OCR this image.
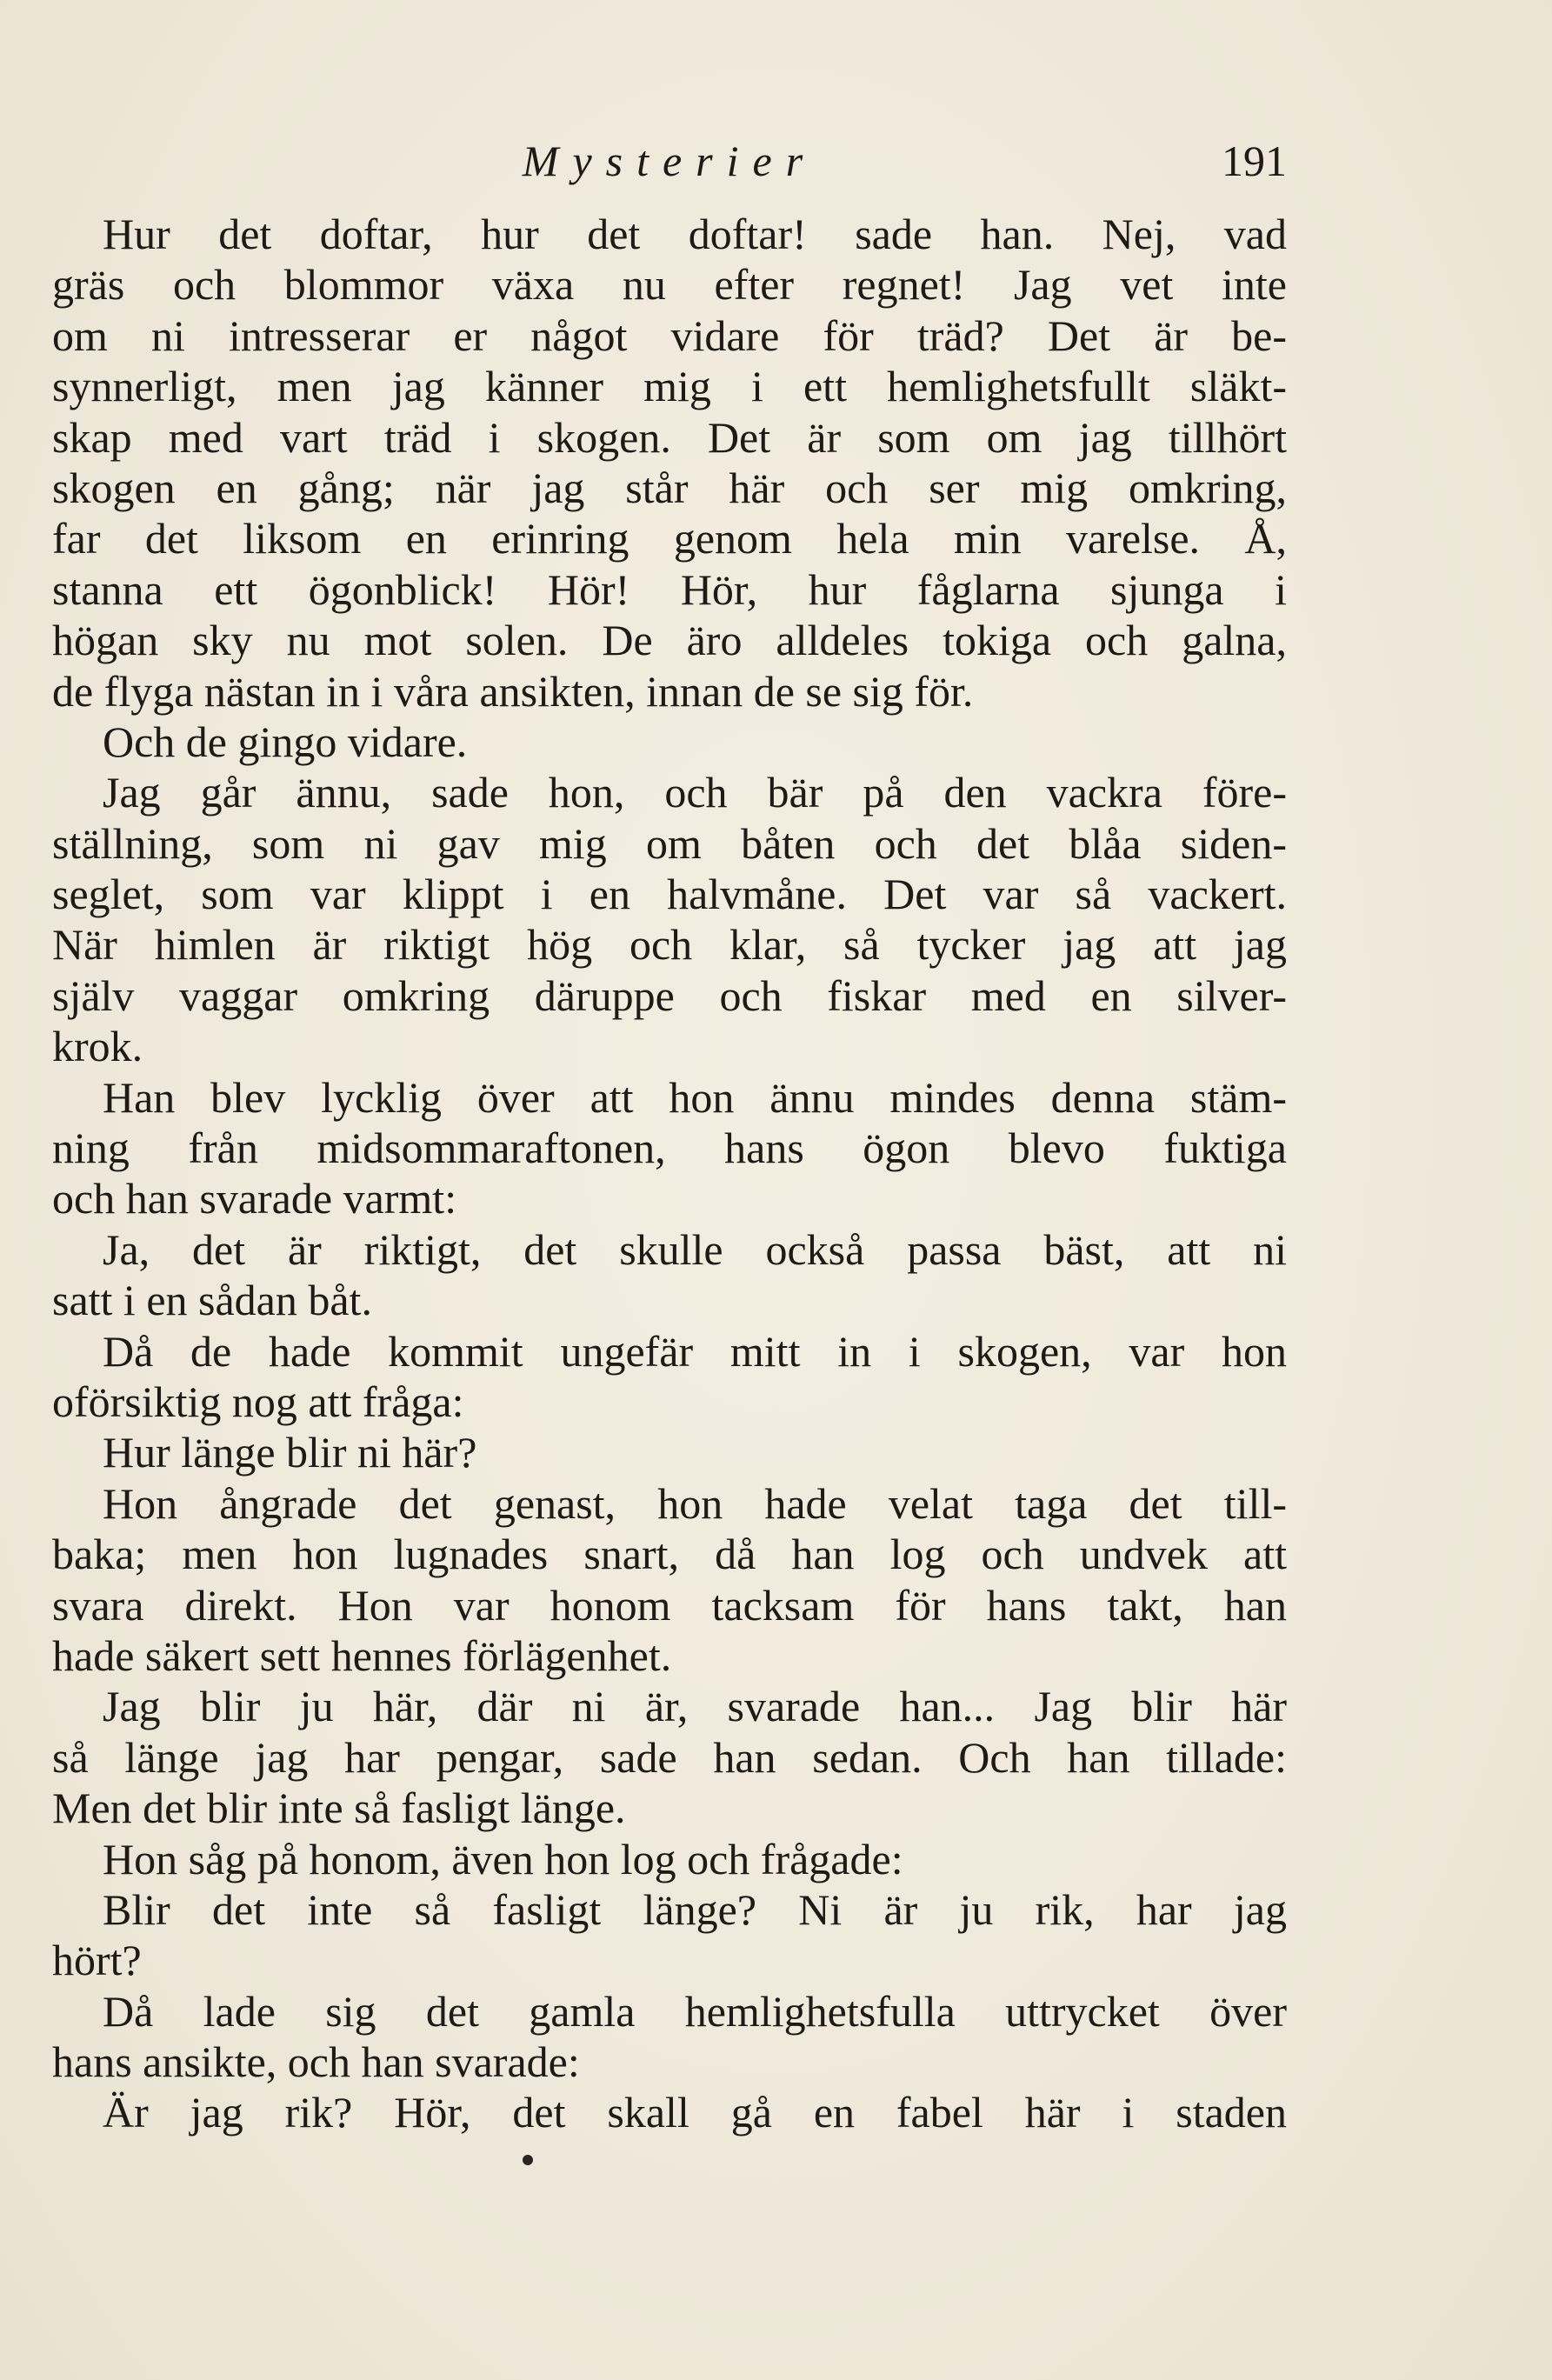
Mysterier	191
Hur det doftar, hur det doftar! sade han. Nej, vad
gräs och blommor växa nu efter regnet! Jag vet inte
om ni intresserar er något vidare för träd? Det är be-
synnerligt, men jag känner mig i ett hemlighetsfullt släkt-
skap med vart träd i skogen. Det är som om jag tillhört
skogen en gång; när jag står här och ser mig omkring,
far det liksom en erinring genom hela min varelse. Å,
stanna ett ögonblick! Hör! Hör, hur fåglarna sjunga i
högan sky nu mot solen. De äro alldeles tokiga och galna,
de flyga nästan in i våra ansikten, innan de se sig för.
Och de gingo vidare.
Jag går ännu, sade hon, och bär på den vackra före-
ställning, som ni gav mig om båten och det blåa siden-
seglet, som var klippt i en halvmåne. Det var så vackert.
När himlen är riktigt hög och klar, så tycker jag att jag
själv vaggar omkring däruppe och fiskar med en silver-
krok.
Han blev lycklig över att hon ännu mindes denna stäm-
ning från midsommaraftonen, hans ögon blevo fuktiga
och han svarade varmt:
Ja, det är riktigt, det skulle också passa bäst, att ni
satt i en sådan båt.
Då de hade kommit ungefär mitt in i skogen, var hon
oförsiktig nog att fråga:
Hur länge blir ni här?
Hon ångrade det genast, hon hade velat taga det till-
baka; men hon lugnades snart, då han log och undvek att
svara direkt. Hon var honom tacksam för hans takt, han
hade säkert sett hennes förlägenhet.
Jag blir ju här, där ni är, svarade han... Jag blir här
så länge jag har pengar, sade han sedan. Och han tillade:
Men det blir inte så fasligt länge.
Hon såg på honom, även hon log och frågade:
Blir det inte så fasligt länge? Ni är ju rik, har jag
hört?
Då lade sig det gamla hemlighetsfulla uttrycket över
hans ansikte, och han svarade:
Är jag rik? Hör, det skall gå en fabel här i staden
